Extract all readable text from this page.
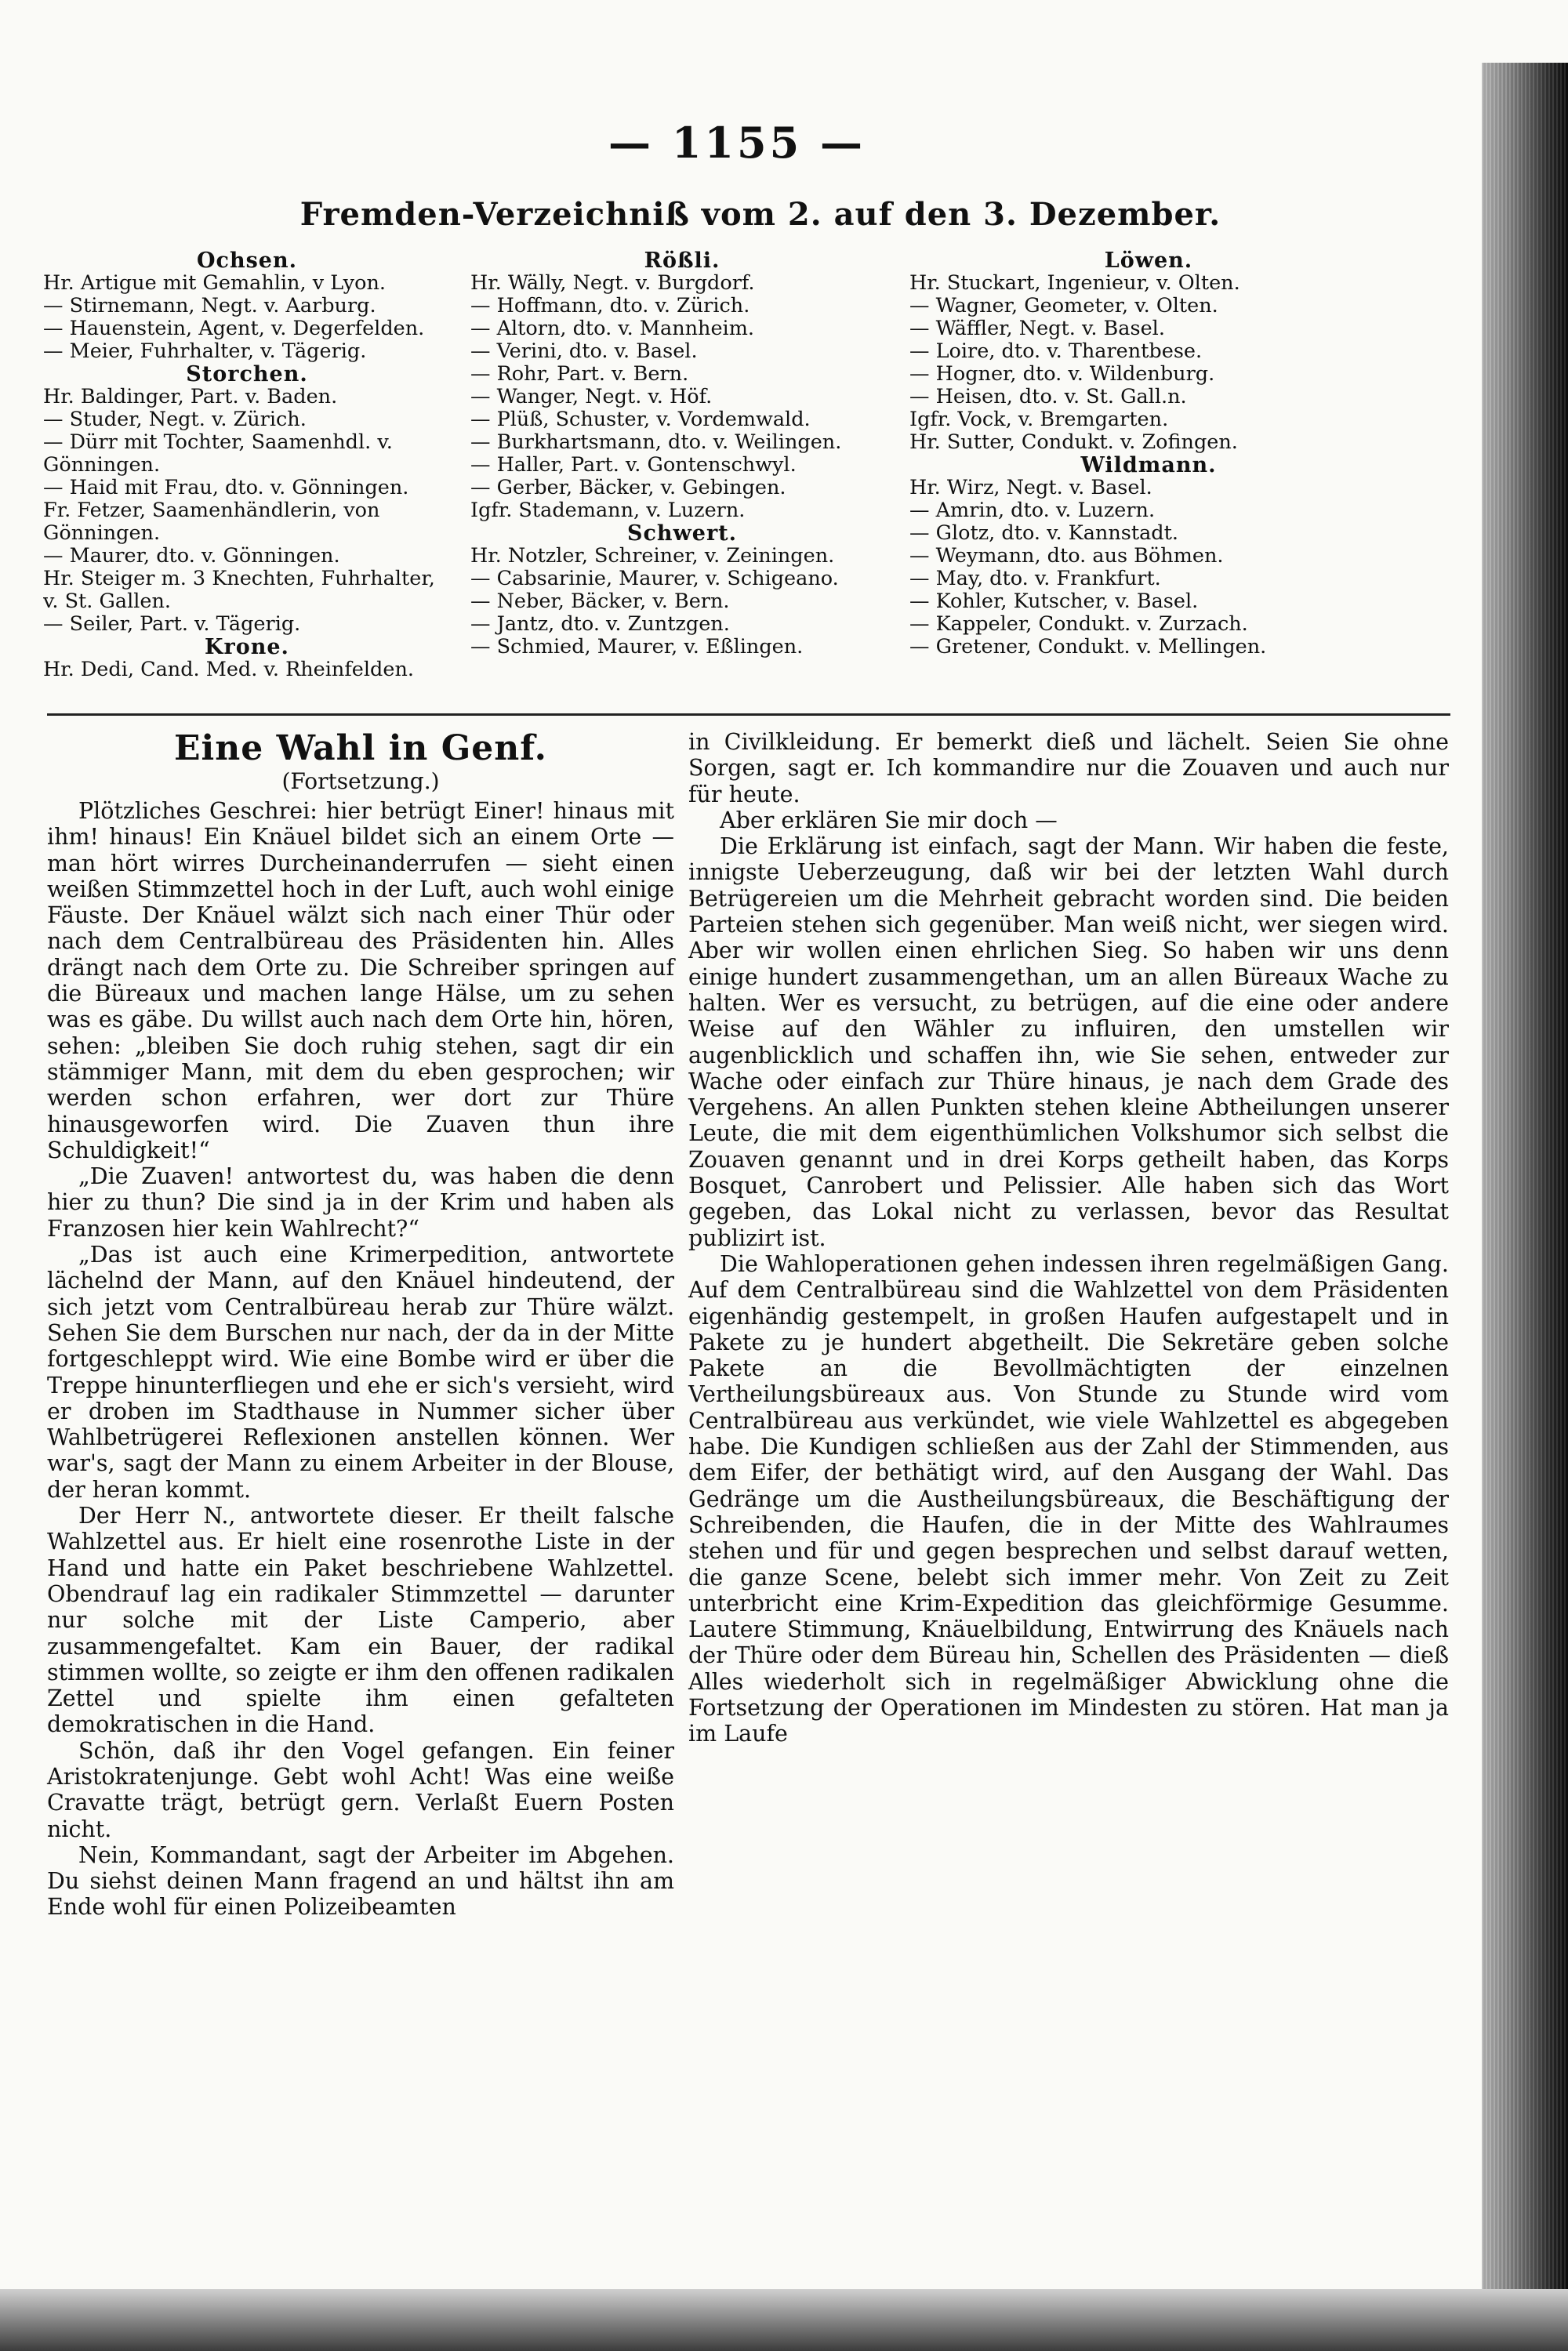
— 1155 —
Fremden-Verzeichniß vom 2. auf den 3. Dezember.
Ochsen.
Hr. Artigue mit Gemahlin, v Lyon.
— Stirnemann, Negt. v. Aarburg.
— Hauenstein, Agent, v. Degerfelden.
— Meier, Fuhrhalter, v. Tägerig.
Storchen.
Hr. Baldinger, Part. v. Baden.
— Studer, Negt. v. Zürich.
— Dürr mit Tochter, Saamenhdl. v.
Gönningen.
— Haid mit Frau, dto. v. Gönningen.
Fr. Fetzer, Saamenhändlerin, von
Gönningen.
— Maurer, dto. v. Gönningen.
Hr. Steiger m. 3 Knechten, Fuhrhalter,
v. St. Gallen.
— Seiler, Part. v. Tägerig.
Krone.
Hr. Dedi, Cand. Med. v. Rheinfelden.
Rößli.
Hr. Wälly, Negt. v. Burgdorf.
— Hoffmann, dto. v. Zürich.
— Altorn, dto. v. Mannheim.
— Verini, dto. v. Basel.
— Rohr, Part. v. Bern.
— Wanger, Negt. v. Höf.
— Plüß, Schuster, v. Vordemwald.
— Burkhartsmann, dto. v. Weilingen.
— Haller, Part. v. Gontenschwyl.
— Gerber, Bäcker, v. Gebingen.
Igfr. Stademann, v. Luzern.
Schwert.
Hr. Notzler, Schreiner, v. Zeiningen.
— Cabsarinie, Maurer, v. Schigeano.
— Neber, Bäcker, v. Bern.
— Jantz, dto. v. Zuntzgen.
— Schmied, Maurer, v. Eßlingen.
Löwen.
Hr. Stuckart, Ingenieur, v. Olten.
— Wagner, Geometer, v. Olten.
— Wäffler, Negt. v. Basel.
— Loire, dto. v. Tharentbese.
— Hogner, dto. v. Wildenburg.
— Heisen, dto. v. St. Gall.n.
Igfr. Vock, v. Bremgarten.
Hr. Sutter, Condukt. v. Zofingen.
Wildmann.
Hr. Wirz, Negt. v. Basel.
— Amrin, dto. v. Luzern.
— Glotz, dto. v. Kannstadt.
— Weymann, dto. aus Böhmen.
— May, dto. v. Frankfurt.
— Kohler, Kutscher, v. Basel.
— Kappeler, Condukt. v. Zurzach.
— Gretener, Condukt. v. Mellingen.
Eine Wahl in Genf.
(Fortsetzung.)

Plötzliches Geschrei: hier betrügt Einer! hinaus mit ihm! hinaus! Ein Knäuel bildet sich an einem Orte — man hört wirres Durcheinanderrufen — sieht einen weißen Stimmzettel hoch in der Luft, auch wohl einige Fäuste. Der Knäuel wälzt sich nach einer Thür oder nach dem Centralbüreau des Präsidenten hin. Alles drängt nach dem Orte zu. Die Schreiber springen auf die Büreaux und machen lange Hälse, um zu sehen was es gäbe. Du willst auch nach dem Orte hin, hören, sehen: „bleiben Sie doch ruhig stehen, sagt dir ein stämmiger Mann, mit dem du eben gesprochen; wir werden schon erfahren, wer dort zur Thüre hinausgeworfen wird. Die Zuaven thun ihre Schuldigkeit!“

„Die Zuaven! antwortest du, was haben die denn hier zu thun? Die sind ja in der Krim und haben als Franzosen hier kein Wahlrecht?“

„Das ist auch eine Krimerpedition, antwortete lächelnd der Mann, auf den Knäuel hindeutend, der sich jetzt vom Centralbüreau herab zur Thüre wälzt. Sehen Sie dem Burschen nur nach, der da in der Mitte fortgeschleppt wird. Wie eine Bombe wird er über die Treppe hinunterfliegen und ehe er sich's versieht, wird er droben im Stadthause in Nummer sicher über Wahlbetrügerei Reflexionen anstellen können. Wer war's, sagt der Mann zu einem Arbeiter in der Blouse, der heran kommt.

Der Herr N., antwortete dieser. Er theilt falsche Wahlzettel aus. Er hielt eine rosenrothe Liste in der Hand und hatte ein Paket beschriebene Wahlzettel. Obendrauf lag ein radikaler Stimmzettel — darunter nur solche mit der Liste Camperio, aber zusammengefaltet. Kam ein Bauer, der radikal stimmen wollte, so zeigte er ihm den offenen radikalen Zettel und spielte ihm einen gefalteten demokratischen in die Hand.

Schön, daß ihr den Vogel gefangen. Ein feiner Aristokratenjunge. Gebt wohl Acht! Was eine weiße Cravatte trägt, betrügt gern. Verlaßt Euern Posten nicht.

Nein, Kommandant, sagt der Arbeiter im Abgehen. Du siehst deinen Mann fragend an und hältst ihn am Ende wohl für einen Polizeibeamten

in Civilkleidung. Er bemerkt dieß und lächelt. Seien Sie ohne Sorgen, sagt er. Ich kommandire nur die Zouaven und auch nur für heute.

Aber erklären Sie mir doch —

Die Erklärung ist einfach, sagt der Mann. Wir haben die feste, innigste Ueberzeugung, daß wir bei der letzten Wahl durch Betrügereien um die Mehrheit gebracht worden sind. Die beiden Parteien stehen sich gegenüber. Man weiß nicht, wer siegen wird. Aber wir wollen einen ehrlichen Sieg. So haben wir uns denn einige hundert zusammengethan, um an allen Büreaux Wache zu halten. Wer es versucht, zu betrügen, auf die eine oder andere Weise auf den Wähler zu influiren, den umstellen wir augenblicklich und schaffen ihn, wie Sie sehen, entweder zur Wache oder einfach zur Thüre hinaus, je nach dem Grade des Vergehens. An allen Punkten stehen kleine Abtheilungen unserer Leute, die mit dem eigenthümlichen Volkshumor sich selbst die Zouaven genannt und in drei Korps getheilt haben, das Korps Bosquet, Canrobert und Pelissier. Alle haben sich das Wort gegeben, das Lokal nicht zu verlassen, bevor das Resultat publizirt ist.

Die Wahloperationen gehen indessen ihren regelmäßigen Gang. Auf dem Centralbüreau sind die Wahlzettel von dem Präsidenten eigenhändig gestempelt, in großen Haufen aufgestapelt und in Pakete zu je hundert abgetheilt. Die Sekretäre geben solche Pakete an die Bevollmächtigten der einzelnen Vertheilungsbüreaux aus. Von Stunde zu Stunde wird vom Centralbüreau aus verkündet, wie viele Wahlzettel es abgegeben habe. Die Kundigen schließen aus der Zahl der Stimmenden, aus dem Eifer, der bethätigt wird, auf den Ausgang der Wahl. Das Gedränge um die Austheilungsbüreaux, die Beschäftigung der Schreibenden, die Haufen, die in der Mitte des Wahlraumes stehen und für und gegen besprechen und selbst darauf wetten, die ganze Scene, belebt sich immer mehr. Von Zeit zu Zeit unterbricht eine Krim-Expedition das gleichförmige Gesumme. Lautere Stimmung, Knäuelbildung, Entwirrung des Knäuels nach der Thüre oder dem Büreau hin, Schellen des Präsidenten — dieß Alles wiederholt sich in regelmäßiger Abwicklung ohne die Fortsetzung der Operationen im Mindesten zu stören. Hat man ja im Laufe
